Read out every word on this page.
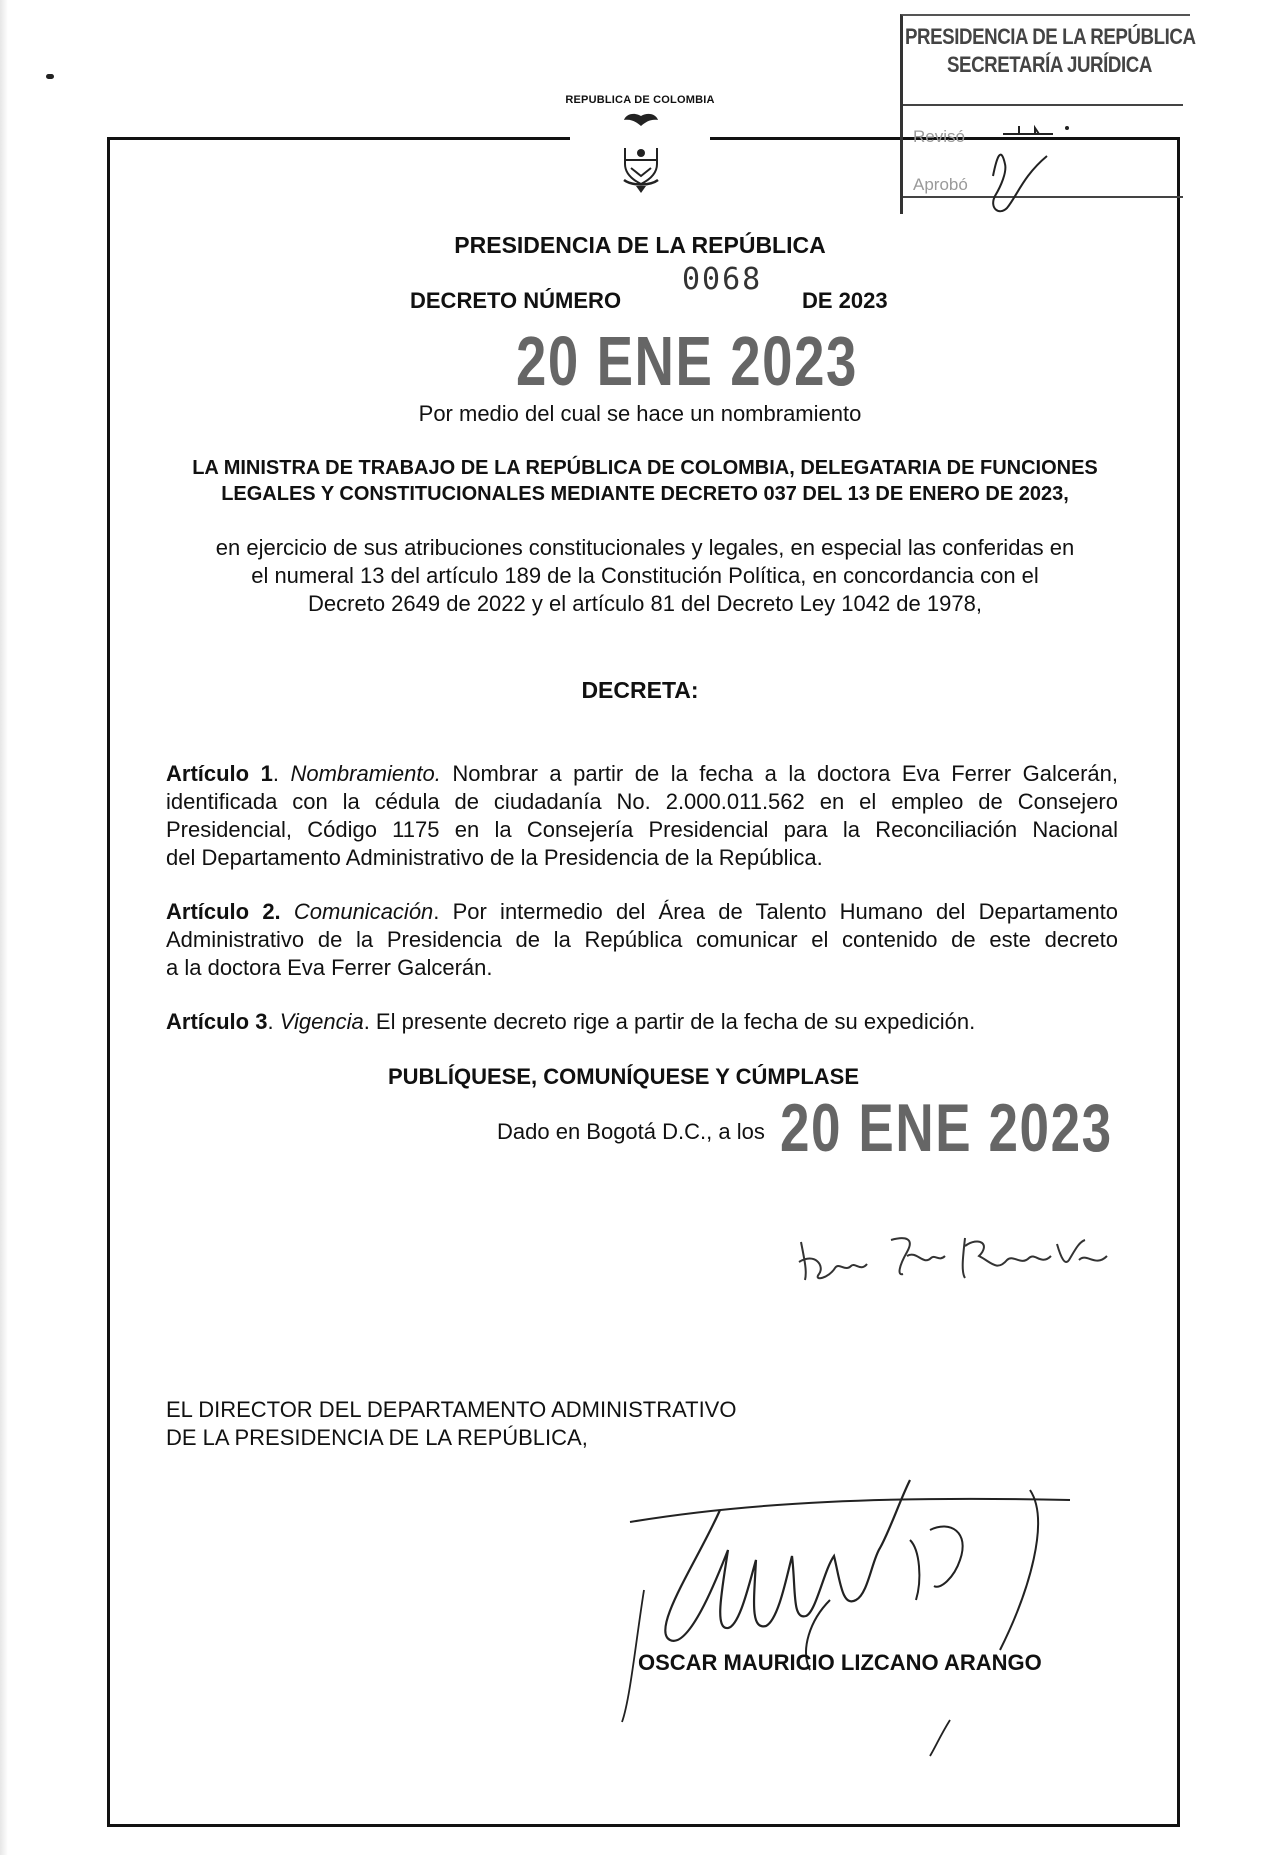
REPUBLICA DE COLOMBIA
PRESIDENCIA DE LA REPÚBLICA
SECRETARÍA JURÍDICA
Revisó
Aprobó
PRESIDENCIA DE LA REPÚBLICA
DECRETO NÚMERO
0068
DE 2023
20 ENE 2023
Por medio del cual se hace un nombramiento
LA MINISTRA DE TRABAJO DE LA REPÚBLICA DE COLOMBIA, DELEGATARIA DE FUNCIONES
LEGALES Y CONSTITUCIONALES MEDIANTE DECRETO 037 DEL 13 DE ENERO DE 2023,
en ejercicio de sus atribuciones constitucionales y legales, en especial las conferidas en
el numeral 13 del artículo 189 de la Constitución Política, en concordancia con el
Decreto 2649 de 2022 y el artículo 81 del Decreto Ley 1042 de 1978,
DECRETA:
Artículo 1. Nombramiento. Nombrar a partir de la fecha a la doctora Eva Ferrer Galcerán,
identificada con la cédula de ciudadanía No. 2.000.011.562 en el empleo de Consejero
Presidencial, Código 1175 en la Consejería Presidencial para la Reconciliación Nacional
del Departamento Administrativo de la Presidencia de la República.
Artículo 2. Comunicación. Por intermedio del Área de Talento Humano del Departamento
Administrativo de la Presidencia de la República comunicar el contenido de este decreto
a la doctora Eva Ferrer Galcerán.
Artículo 3. Vigencia. El presente decreto rige a partir de la fecha de su expedición.
PUBLÍQUESE, COMUNÍQUESE Y CÚMPLASE
Dado en Bogotá D.C., a los 20 ENE 2023
EL DIRECTOR DEL DEPARTAMENTO ADMINISTRATIVO
DE LA PRESIDENCIA DE LA REPÚBLICA,
OSCAR MAURICIO LIZCANO ARANGO
